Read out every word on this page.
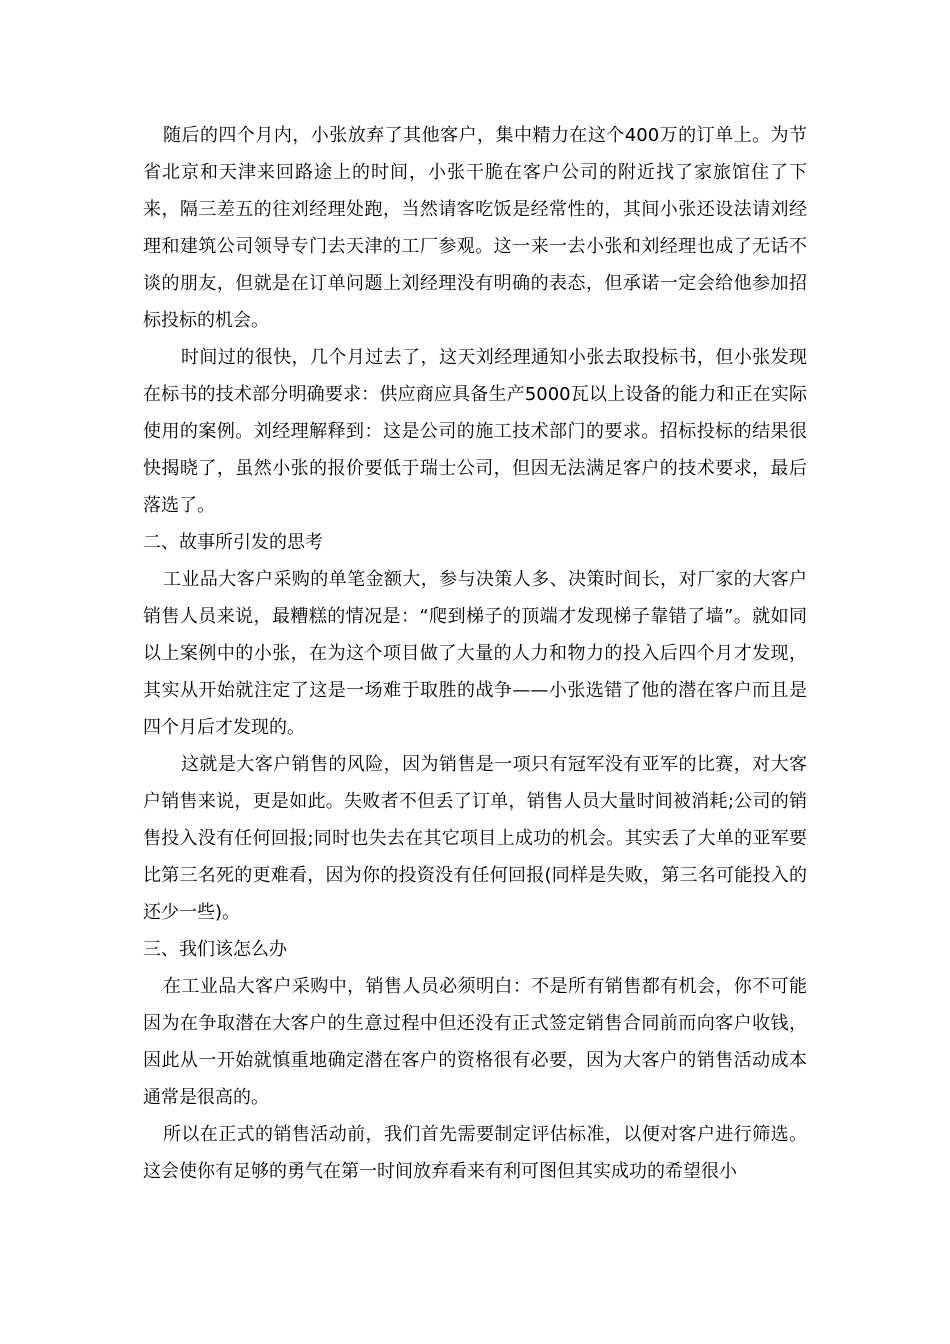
随后的四个月内，小张放弃了其他客户，集中精力在这个400万的订单上。为节省北京和天津来回路途上的时间，小张干脆在客户公司的附近找了家旅馆住了下来，隔三差五的往刘经理处跑，当然请客吃饭是经常性的，其间小张还设法请刘经理和建筑公司领导专门去天津的工厂参观。这一来一去小张和刘经理也成了无话不谈的朋友，但就是在订单问题上刘经理没有明确的表态，但承诺一定会给他参加招标投标的机会。

时间过的很快，几个月过去了，这天刘经理通知小张去取投标书，但小张发现在标书的技术部分明确要求：供应商应具备生产5000瓦以上设备的能力和正在实际使用的案例。刘经理解释到：这是公司的施工技术部门的要求。招标投标的结果很快揭晓了，虽然小张的报价要低于瑞士公司，但因无法满足客户的技术要求，最后落选了。

二、故事所引发的思考

工业品大客户采购的单笔金额大，参与决策人多、决策时间长，对厂家的大客户销售人员来说，最糟糕的情况是：“爬到梯子的顶端才发现梯子靠错了墙”。就如同以上案例中的小张，在为这个项目做了大量的人力和物力的投入后四个月才发现，其实从开始就注定了这是一场难于取胜的战争——小张选错了他的潜在客户而且是四个月后才发现的。

这就是大客户销售的风险，因为销售是一项只有冠军没有亚军的比赛，对大客户销售来说，更是如此。失败者不但丢了订单，销售人员大量时间被消耗;公司的销售投入没有任何回报;同时也失去在其它项目上成功的机会。其实丢了大单的亚军要比第三名死的更难看，因为你的投资没有任何回报(同样是失败，第三名可能投入的还少一些)。

三、我们该怎么办

在工业品大客户采购中，销售人员必须明白：不是所有销售都有机会，你不可能因为在争取潜在大客户的生意过程中但还没有正式签定销售合同前而向客户收钱，因此从一开始就慎重地确定潜在客户的资格很有必要，因为大客户的销售活动成本通常是很高的。

所以在正式的销售活动前，我们首先需要制定评估标准，以便对客户进行筛选。这会使你有足够的勇气在第一时间放弃看来有利可图但其实成功的希望很小
